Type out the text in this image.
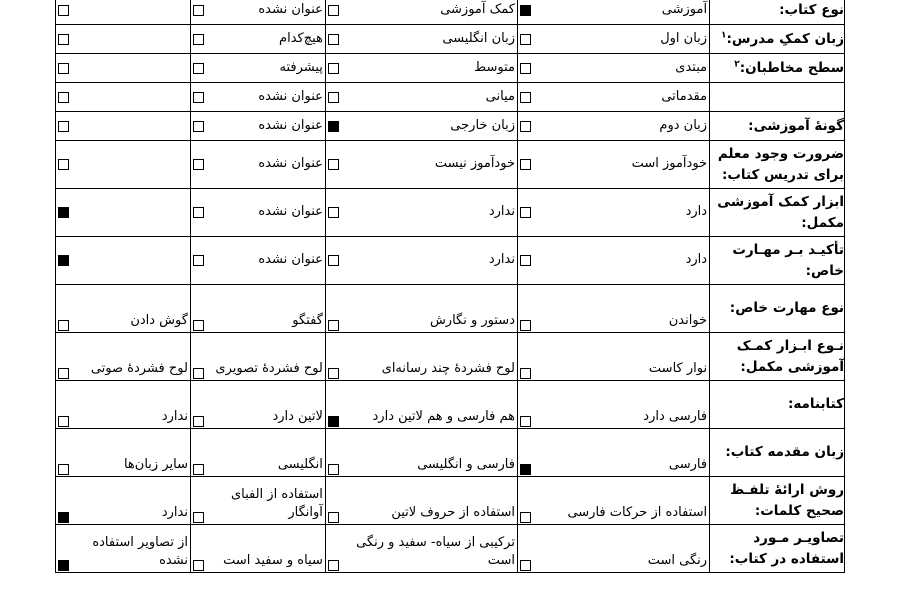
نوع کتاب:	آموزشی	کمک آموزشی	عنوان نشده	

زبان کمکِ مدرس:$^۱$	زبان اول	زبان انگلیسی	هیچ‌کدام	

سطح مخاطبان:$^۲$	مبتدی	متوسط	پیشرفته	

	مقدماتی	میانی	عنوان نشده	

گونهٔ آموزشی:	زبان دوم	زبان خارجی	عنوان نشده	

ضرورت وجود معلم برای تدریس کتاب:	خودآموز است	خودآموز نیست	عنوان نشده	

ابزار کمک آموزشی مکمل:	دارد	ندارد	عنوان نشده	

تأکیـد بـر مهـارت خاص:	دارد	ندارد	عنوان نشده	

نوع مهارت خاص:	خواندن	دستور و نگارش	گفتگو	گوش دادن

نـوع ابـزار کمـک آموزشی مکمل:	نوار کاست	لوح فشردهٔ چند رسانه‌ای	لوح فشردهٔ تصویری	لوح فشردهٔ صوتی

کتابنامه:	فارسی دارد	هم فارسی و هم لاتین دارد	لاتین دارد	ندارد

زبان مقدمه کتاب:	فارسی	فارسی و انگلیسی	انگلیسی	سایر زبان‌ها

روش ارائهٔ تلفـظ صحیح کلمات:	استفاده از حرکات فارسی	استفاده از حروف لاتین	استفاده از الفبای آوانگار	ندارد

تصاویـر مـورد استفاده در کتاب:	رنگی است	ترکیبی از سیاه- سفید و رنگی است	سیاه و سفید است	از تصاویر استفاده نشده
